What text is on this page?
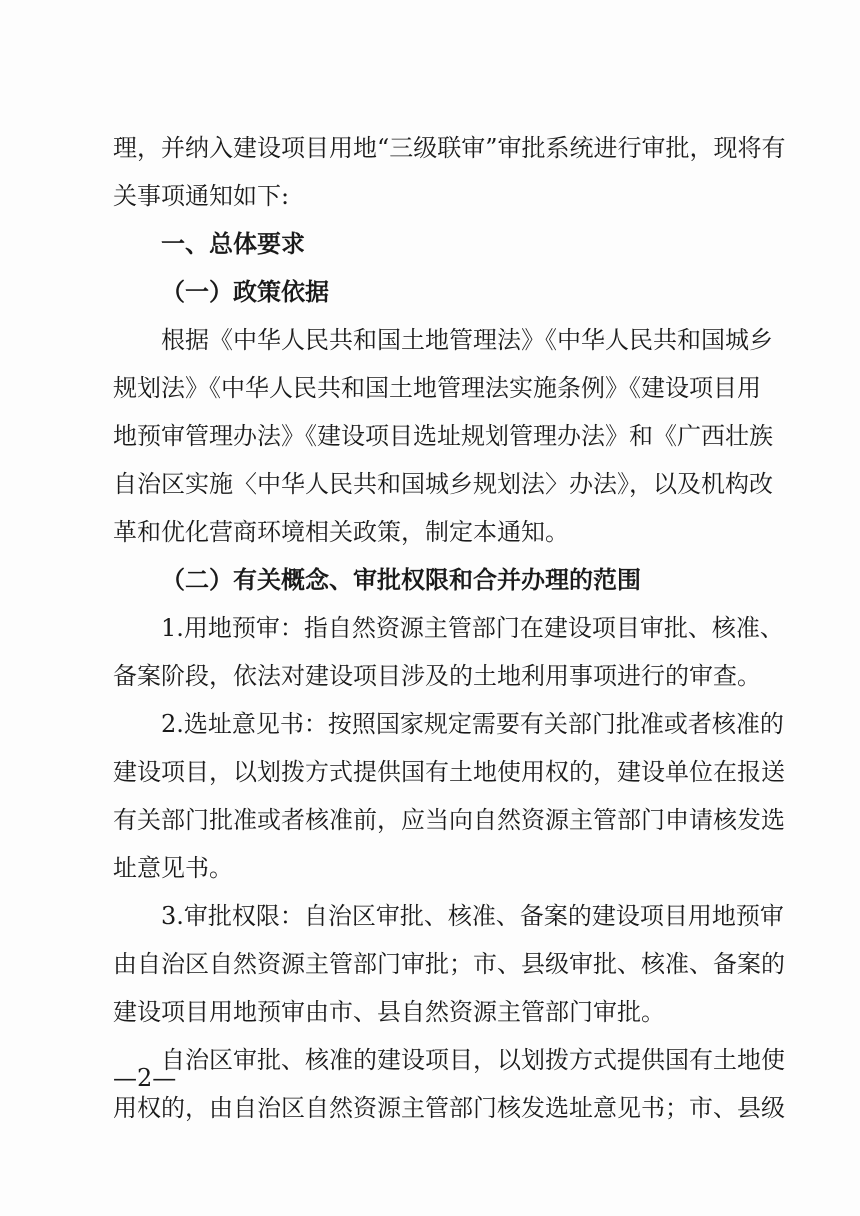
理，并纳入建设项目用地“三级联审”审批系统进行审批，现将有
关事项通知如下:
一、总体要求
（一）政策依据
根据《中华人民共和国土地管理法》《中华人民共和国城乡
规划法》《中华人民共和国土地管理法实施条例》《建设项目用
地预审管理办法》《建设项目选址规划管理办法》和《广西壮族
自治区实施〈中华人民共和国城乡规划法〉办法》，以及机构改
革和优化营商环境相关政策，制定本通知。
（二）有关概念、审批权限和合并办理的范围
1.用地预审：指自然资源主管部门在建设项目审批、核准、
备案阶段，依法对建设项目涉及的土地利用事项进行的审查。
2.选址意见书：按照国家规定需要有关部门批准或者核准的
建设项目，以划拨方式提供国有土地使用权的，建设单位在报送
有关部门批准或者核准前，应当向自然资源主管部门申请核发选
址意见书。
3.审批权限：自治区审批、核准、备案的建设项目用地预审
由自治区自然资源主管部门审批；市、县级审批、核准、备案的
建设项目用地预审由市、县自然资源主管部门审批。
自治区审批、核准的建设项目，以划拨方式提供国有土地使
用权的，由自治区自然资源主管部门核发选址意见书；市、县级
—2—
